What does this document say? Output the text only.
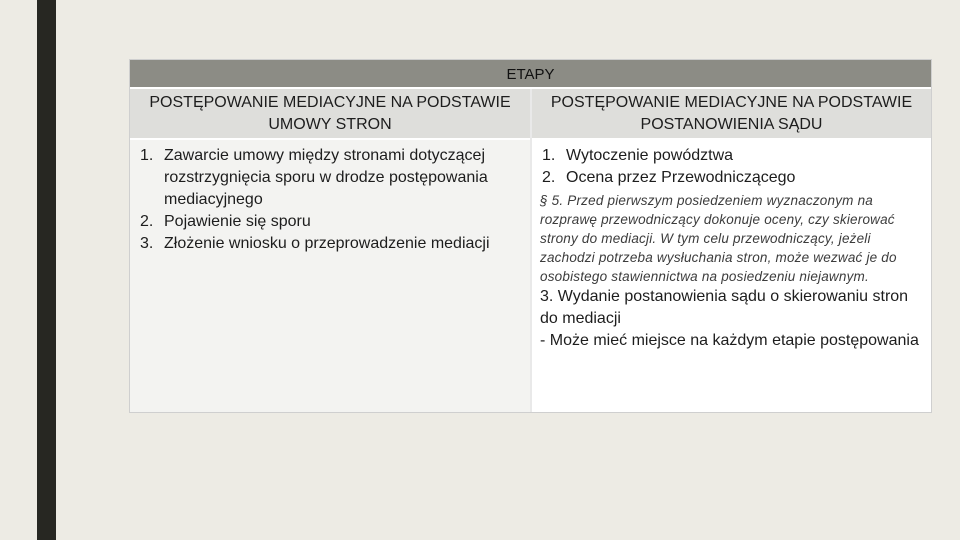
ETAPY
POSTĘPOWANIE MEDIACYJNE NA PODSTAWIE UMOWY STRON
POSTĘPOWANIE MEDIACYJNE NA PODSTAWIE POSTANOWIENIA SĄDU
1. Zawarcie umowy między stronami dotyczącej rozstrzygnięcia sporu w drodze postępowania mediacyjnego
2. Pojawienie się sporu
3. Złożenie wniosku o przeprowadzenie mediacji
1. Wytoczenie powództwa
2. Ocena przez Przewodniczącego
§ 5. Przed pierwszym posiedzeniem wyznaczonym na rozprawę przewodniczący dokonuje oceny, czy skierować strony do mediacji. W tym celu przewodniczący, jeżeli zachodzi potrzeba wysłuchania stron, może wezwać je do osobistego stawiennictwa na posiedzeniu niejawnym.
3. Wydanie postanowienia sądu o skierowaniu stron do mediacji
- Może mieć miejsce na każdym etapie postępowania
